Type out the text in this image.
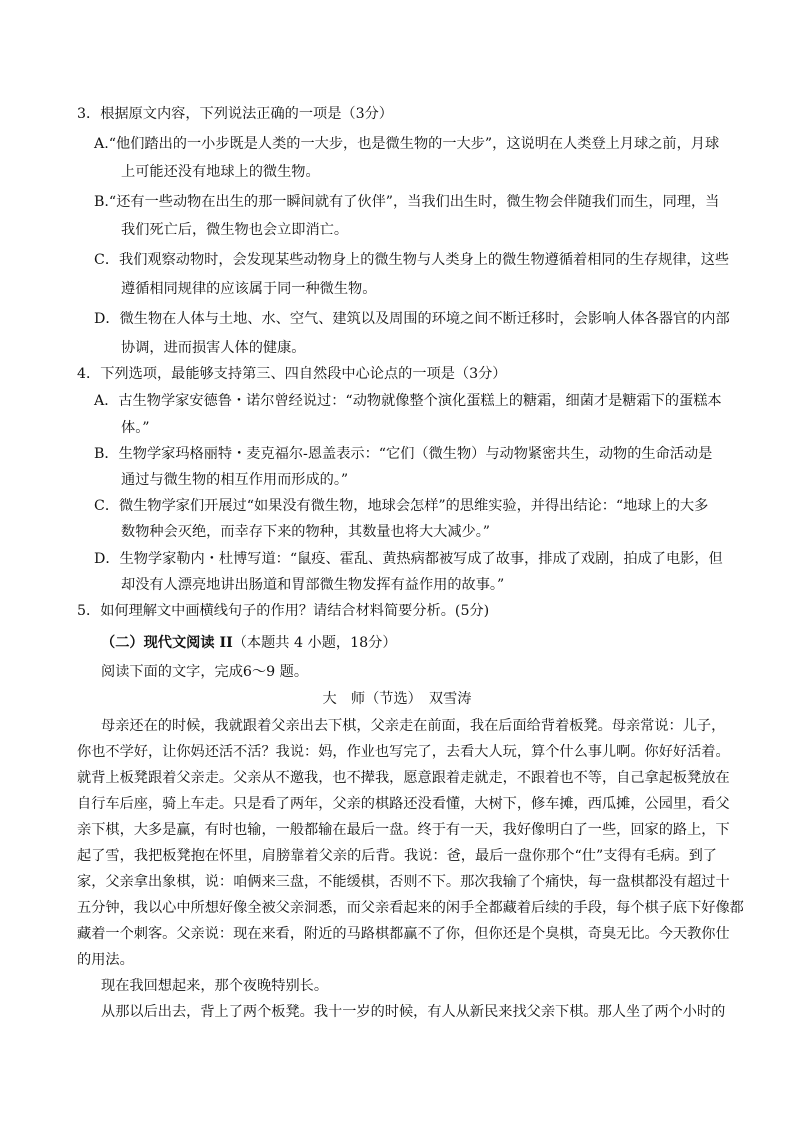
3．根据原文内容，下列说法正确的一项是（3分）
A.“他们踏出的一小步既是人类的一大步，也是微生物的一大步”，这说明在人类登上月球之前，月球
上可能还没有地球上的微生物。
B.“还有一些动物在出生的那一瞬间就有了伙伴”，当我们出生时，微生物会伴随我们而生，同理，当
我们死亡后，微生物也会立即消亡。
C．我们观察动物时，会发现某些动物身上的微生物与人类身上的微生物遵循着相同的生存规律，这些
遵循相同规律的应该属于同一种微生物。
D．微生物在人体与土地、水、空气、建筑以及周围的环境之间不断迁移时，会影响人体各器官的内部
协调，进而损害人体的健康。
4．下列选项，最能够支持第三、四自然段中心论点的一项是（3分）
A．古生物学家安德鲁・诺尔曾经说过：“动物就像整个演化蛋糕上的糖霜，细菌才是糖霜下的蛋糕本
体。”
B．生物学家玛格丽特・麦克福尔-恩盖表示：“它们（微生物）与动物紧密共生，动物的生命活动是
通过与微生物的相互作用而形成的。”
C．微生物学家们开展过“如果没有微生物，地球会怎样”的思维实验，并得出结论：“地球上的大多
数物种会灭绝，而幸存下来的物种，其数量也将大大减少。”
D．生物学家勒内・杜博写道：“鼠疫、霍乱、黄热病都被写成了故事，排成了戏剧，拍成了电影，但
却没有人漂亮地讲出肠道和胃部微生物发挥有益作用的故事。”
5．如何理解文中画横线句子的作用？请结合材料简要分析。(5分)
（二）现代文阅读 II（本题共 4 小题，18分）
阅读下面的文字，完成6～9 题。
大　师（节选）　双雪涛
母亲还在的时候，我就跟着父亲出去下棋，父亲走在前面，我在后面给背着板凳。母亲常说：儿子，
你也不学好，让你妈还活不活？我说：妈，作业也写完了，去看大人玩，算个什么事儿啊。你好好活着。
就背上板凳跟着父亲走。父亲从不邀我，也不撵我，愿意跟着走就走，不跟着也不等，自己拿起板凳放在
自行车后座，骑上车走。只是看了两年，父亲的棋路还没看懂，大树下，修车摊，西瓜摊，公园里，看父
亲下棋，大多是赢，有时也输，一般都输在最后一盘。终于有一天，我好像明白了一些，回家的路上，下
起了雪，我把板凳抱在怀里，肩膀靠着父亲的后背。我说：爸，最后一盘你那个“仕”支得有毛病。到了
家，父亲拿出象棋，说：咱俩来三盘，不能缓棋，否则不下。那次我输了个痛快，每一盘棋都没有超过十
五分钟，我以心中所想好像全被父亲洞悉，而父亲看起来的闲手全都藏着后续的手段，每个棋子底下好像都
藏着一个刺客。父亲说：现在来看，附近的马路棋都赢不了你，但你还是个臭棋，奇臭无比。今天教你仕
的用法。
现在我回想起来，那个夜晚特别长。
从那以后出去，背上了两个板凳。我十一岁的时候，有人从新民来找父亲下棋。那人坐了两个小时的
